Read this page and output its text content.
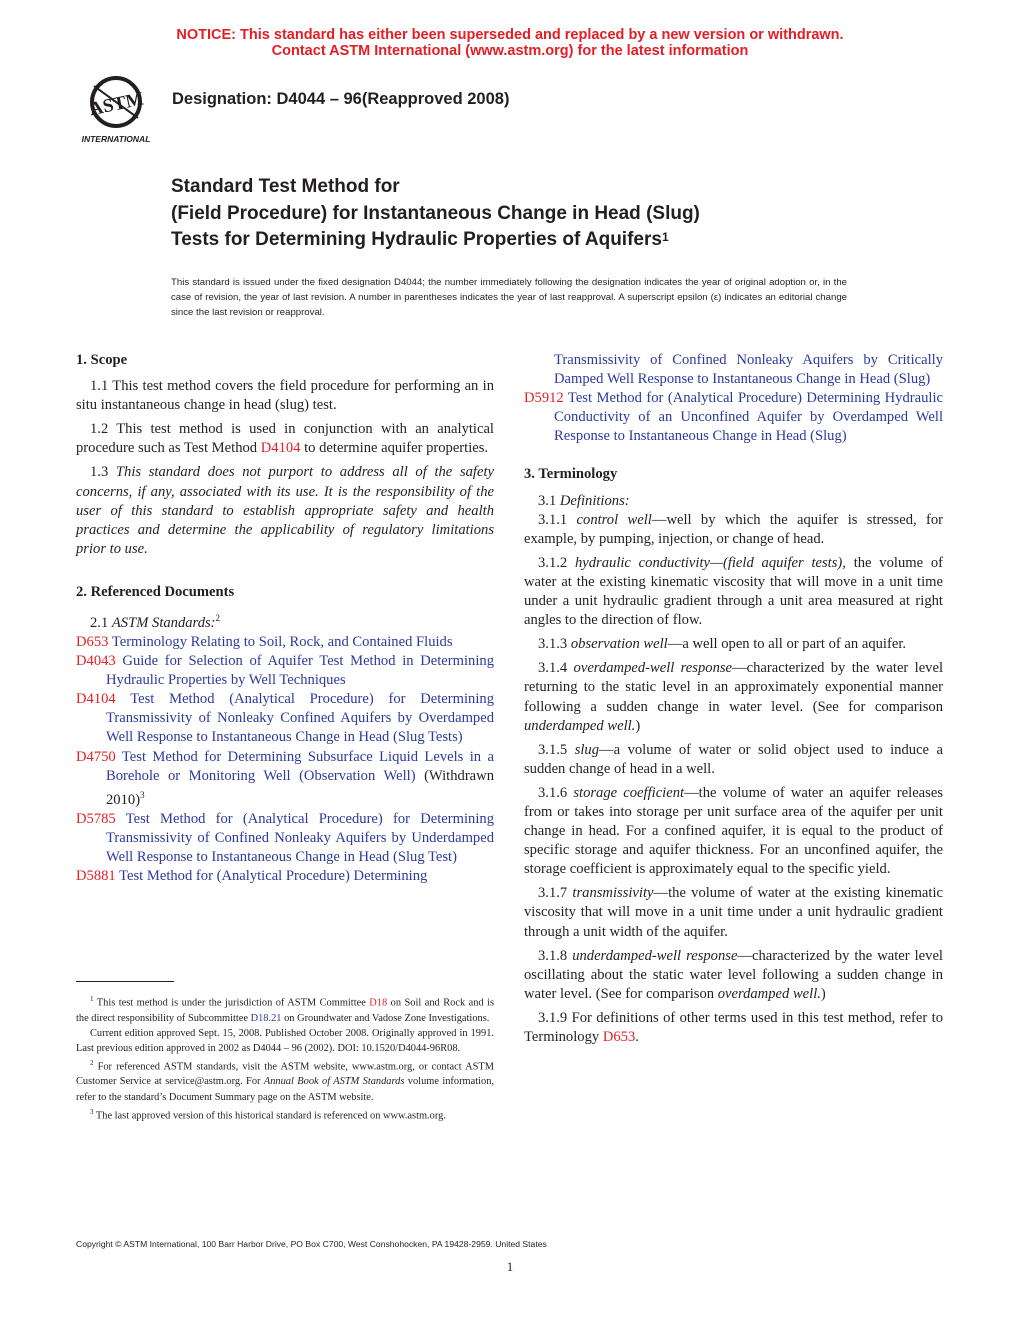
NOTICE: This standard has either been superseded and replaced by a new version or withdrawn.
Contact ASTM International (www.astm.org) for the latest information
ASTM
INTERNATIONAL
Designation: D4044 – 96(Reapproved 2008)
Standard Test Method for
(Field Procedure) for Instantaneous Change in Head (Slug)
Tests for Determining Hydraulic Properties of Aquifers$^1$
This standard is issued under the fixed designation D4044; the number immediately following the designation indicates the year of original adoption or, in the case of revision, the year of last revision. A number in parentheses indicates the year of last reapproval. A superscript epsilon (ε) indicates an editorial change since the last revision or reapproval.
1. Scope

1.1 This test method covers the field procedure for performing an in situ instantaneous change in head (slug) test.

1.2 This test method is used in conjunction with an analytical procedure such as Test Method D4104 to determine aquifer properties.

1.3 This standard does not purport to address all of the safety concerns, if any, associated with its use. It is the responsibility of the user of this standard to establish appropriate safety and health practices and determine the applicability of regulatory limitations prior to use.

2. Referenced Documents

2.1 ASTM Standards:$^2$

D653 Terminology Relating to Soil, Rock, and Contained Fluids

D4043 Guide for Selection of Aquifer Test Method in Determining Hydraulic Properties by Well Techniques

D4104 Test Method (Analytical Procedure) for Determining Transmissivity of Nonleaky Confined Aquifers by Overdamped Well Response to Instantaneous Change in Head (Slug Tests)

D4750 Test Method for Determining Subsurface Liquid Levels in a Borehole or Monitoring Well (Observation Well) (Withdrawn 2010)$^3$

D5785 Test Method for (Analytical Procedure) for Determining Transmissivity of Confined Nonleaky Aquifers by Underdamped Well Response to Instantaneous Change in Head (Slug Test)

D5881 Test Method for (Analytical Procedure) Determining

$^1$ This test method is under the jurisdiction of ASTM Committee D18 on Soil and Rock and is the direct responsibility of Subcommittee D18.21 on Groundwater and Vadose Zone Investigations.

Current edition approved Sept. 15, 2008. Published October 2008. Originally approved in 1991. Last previous edition approved in 2002 as D4044 – 96 (2002). DOI: 10.1520/D4044-96R08.

$^2$ For referenced ASTM standards, visit the ASTM website, www.astm.org, or contact ASTM Customer Service at service@astm.org. For Annual Book of ASTM Standards volume information, refer to the standard’s Document Summary page on the ASTM website.

$^3$ The last approved version of this historical standard is referenced on www.astm.org.

Transmissivity of Confined Nonleaky Aquifers by Critically Damped Well Response to Instantaneous Change in Head (Slug)

D5912 Test Method for (Analytical Procedure) Determining Hydraulic Conductivity of an Unconfined Aquifer by Overdamped Well Response to Instantaneous Change in Head (Slug)

3. Terminology

3.1 Definitions:

3.1.1 control well—well by which the aquifer is stressed, for example, by pumping, injection, or change of head.

3.1.2 hydraulic conductivity—(field aquifer tests), the volume of water at the existing kinematic viscosity that will move in a unit time under a unit hydraulic gradient through a unit area measured at right angles to the direction of flow.

3.1.3 observation well—a well open to all or part of an aquifer.

3.1.4 overdamped-well response—characterized by the water level returning to the static level in an approximately exponential manner following a sudden change in water level. (See for comparison underdamped well.)

3.1.5 slug—a volume of water or solid object used to induce a sudden change of head in a well.

3.1.6 storage coefficient—the volume of water an aquifer releases from or takes into storage per unit surface area of the aquifer per unit change in head. For a confined aquifer, it is equal to the product of specific storage and aquifer thickness. For an unconfined aquifer, the storage coefficient is approximately equal to the specific yield.

3.1.7 transmissivity—the volume of water at the existing kinematic viscosity that will move in a unit time under a unit hydraulic gradient through a unit width of the aquifer.

3.1.8 underdamped-well response—characterized by the water level oscillating about the static water level following a sudden change in water level. (See for comparison overdamped well.)

3.1.9 For definitions of other terms used in this test method, refer to Terminology D653.

Copyright © ASTM International, 100 Barr Harbor Drive, PO Box C700, West Conshohocken, PA 19428-2959. United States
1
